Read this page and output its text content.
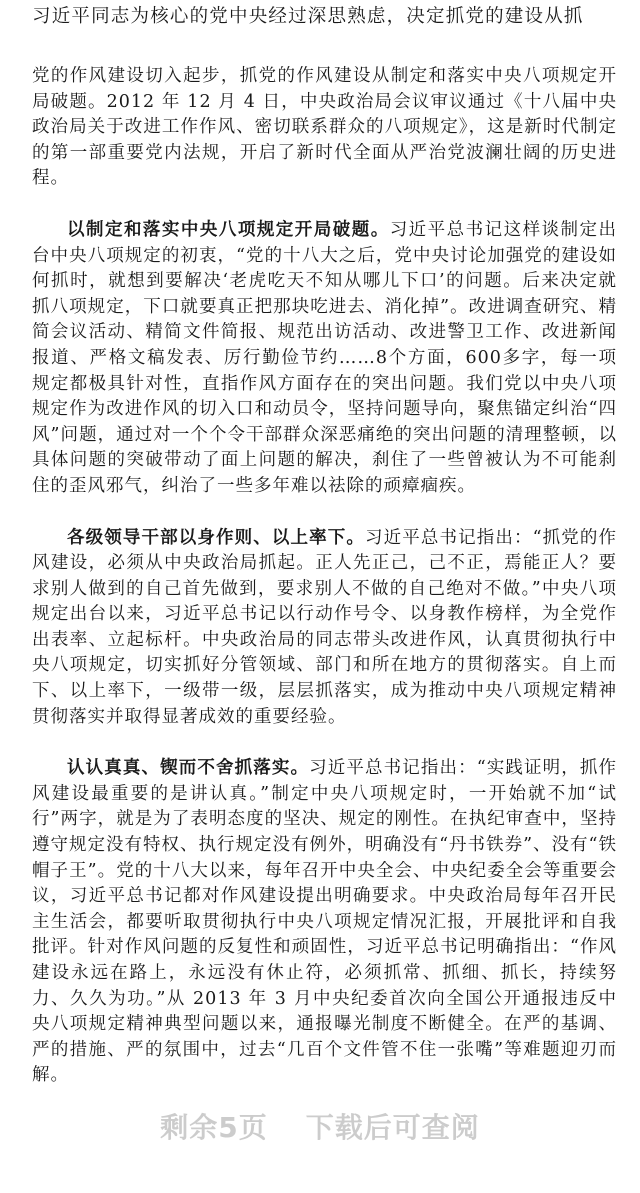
习近平同志为核心的党中央经过深思熟虑，决定抓党的建设从抓

党的作风建设切入起步，抓党的作风建设从制定和落实中央八项规定开局破题。2012 年 12 月 4 日，中央政治局会议审议通过《十八届中央政治局关于改进工作作风、密切联系群众的八项规定》，这是新时代制定的第一部重要党内法规，开启了新时代全面从严治党波澜壮阔的历史进程。

以制定和落实中央八项规定开局破题。习近平总书记这样谈制定出台中央八项规定的初衷，“党的十八大之后，党中央讨论加强党的建设如何抓时，就想到要解决‘老虎吃天不知从哪儿下口’的问题。后来决定就抓八项规定，下口就要真正把那块吃进去、消化掉”。改进调查研究、精简会议活动、精简文件简报、规范出访活动、改进警卫工作、改进新闻报道、严格文稿发表、厉行勤俭节约……8个方面，600多字，每一项规定都极具针对性，直指作风方面存在的突出问题。我们党以中央八项规定作为改进作风的切入口和动员令，坚持问题导向，聚焦锚定纠治“四风”问题，通过对一个个令干部群众深恶痛绝的突出问题的清理整顿，以具体问题的突破带动了面上问题的解决，刹住了一些曾被认为不可能刹住的歪风邪气，纠治了一些多年难以祛除的顽瘴痼疾。

各级领导干部以身作则、以上率下。习近平总书记指出：“抓党的作风建设，必须从中央政治局抓起。正人先正己，己不正，焉能正人？要求别人做到的自己首先做到，要求别人不做的自己绝对不做。”中央八项规定出台以来，习近平总书记以行动作号令、以身教作榜样，为全党作出表率、立起标杆。中央政治局的同志带头改进作风，认真贯彻执行中央八项规定，切实抓好分管领域、部门和所在地方的贯彻落实。自上而下、以上率下，一级带一级，层层抓落实，成为推动中央八项规定精神贯彻落实并取得显著成效的重要经验。

认认真真、锲而不舍抓落实。习近平总书记指出：“实践证明，抓作风建设最重要的是讲认真。”制定中央八项规定时，一开始就不加“试行”两字，就是为了表明态度的坚决、规定的刚性。在执纪审查中，坚持遵守规定没有特权、执行规定没有例外，明确没有“丹书铁券”、没有“铁帽子王”。党的十八大以来，每年召开中央全会、中央纪委全会等重要会议，习近平总书记都对作风建设提出明确要求。中央政治局每年召开民主生活会，都要听取贯彻执行中央八项规定情况汇报，开展批评和自我批评。针对作风问题的反复性和顽固性，习近平总书记明确指出：“作风建设永远在路上，永远没有休止符，必须抓常、抓细、抓长，持续努力、久久为功。”从 2013 年 3 月中央纪委首次向全国公开通报违反中央八项规定精神典型问题以来，通报曝光制度不断健全。在严的基调、严的措施、严的氛围中，过去“几百个文件管不住一张嘴”等难题迎刃而解。

剩余5页 下载后可查阅
